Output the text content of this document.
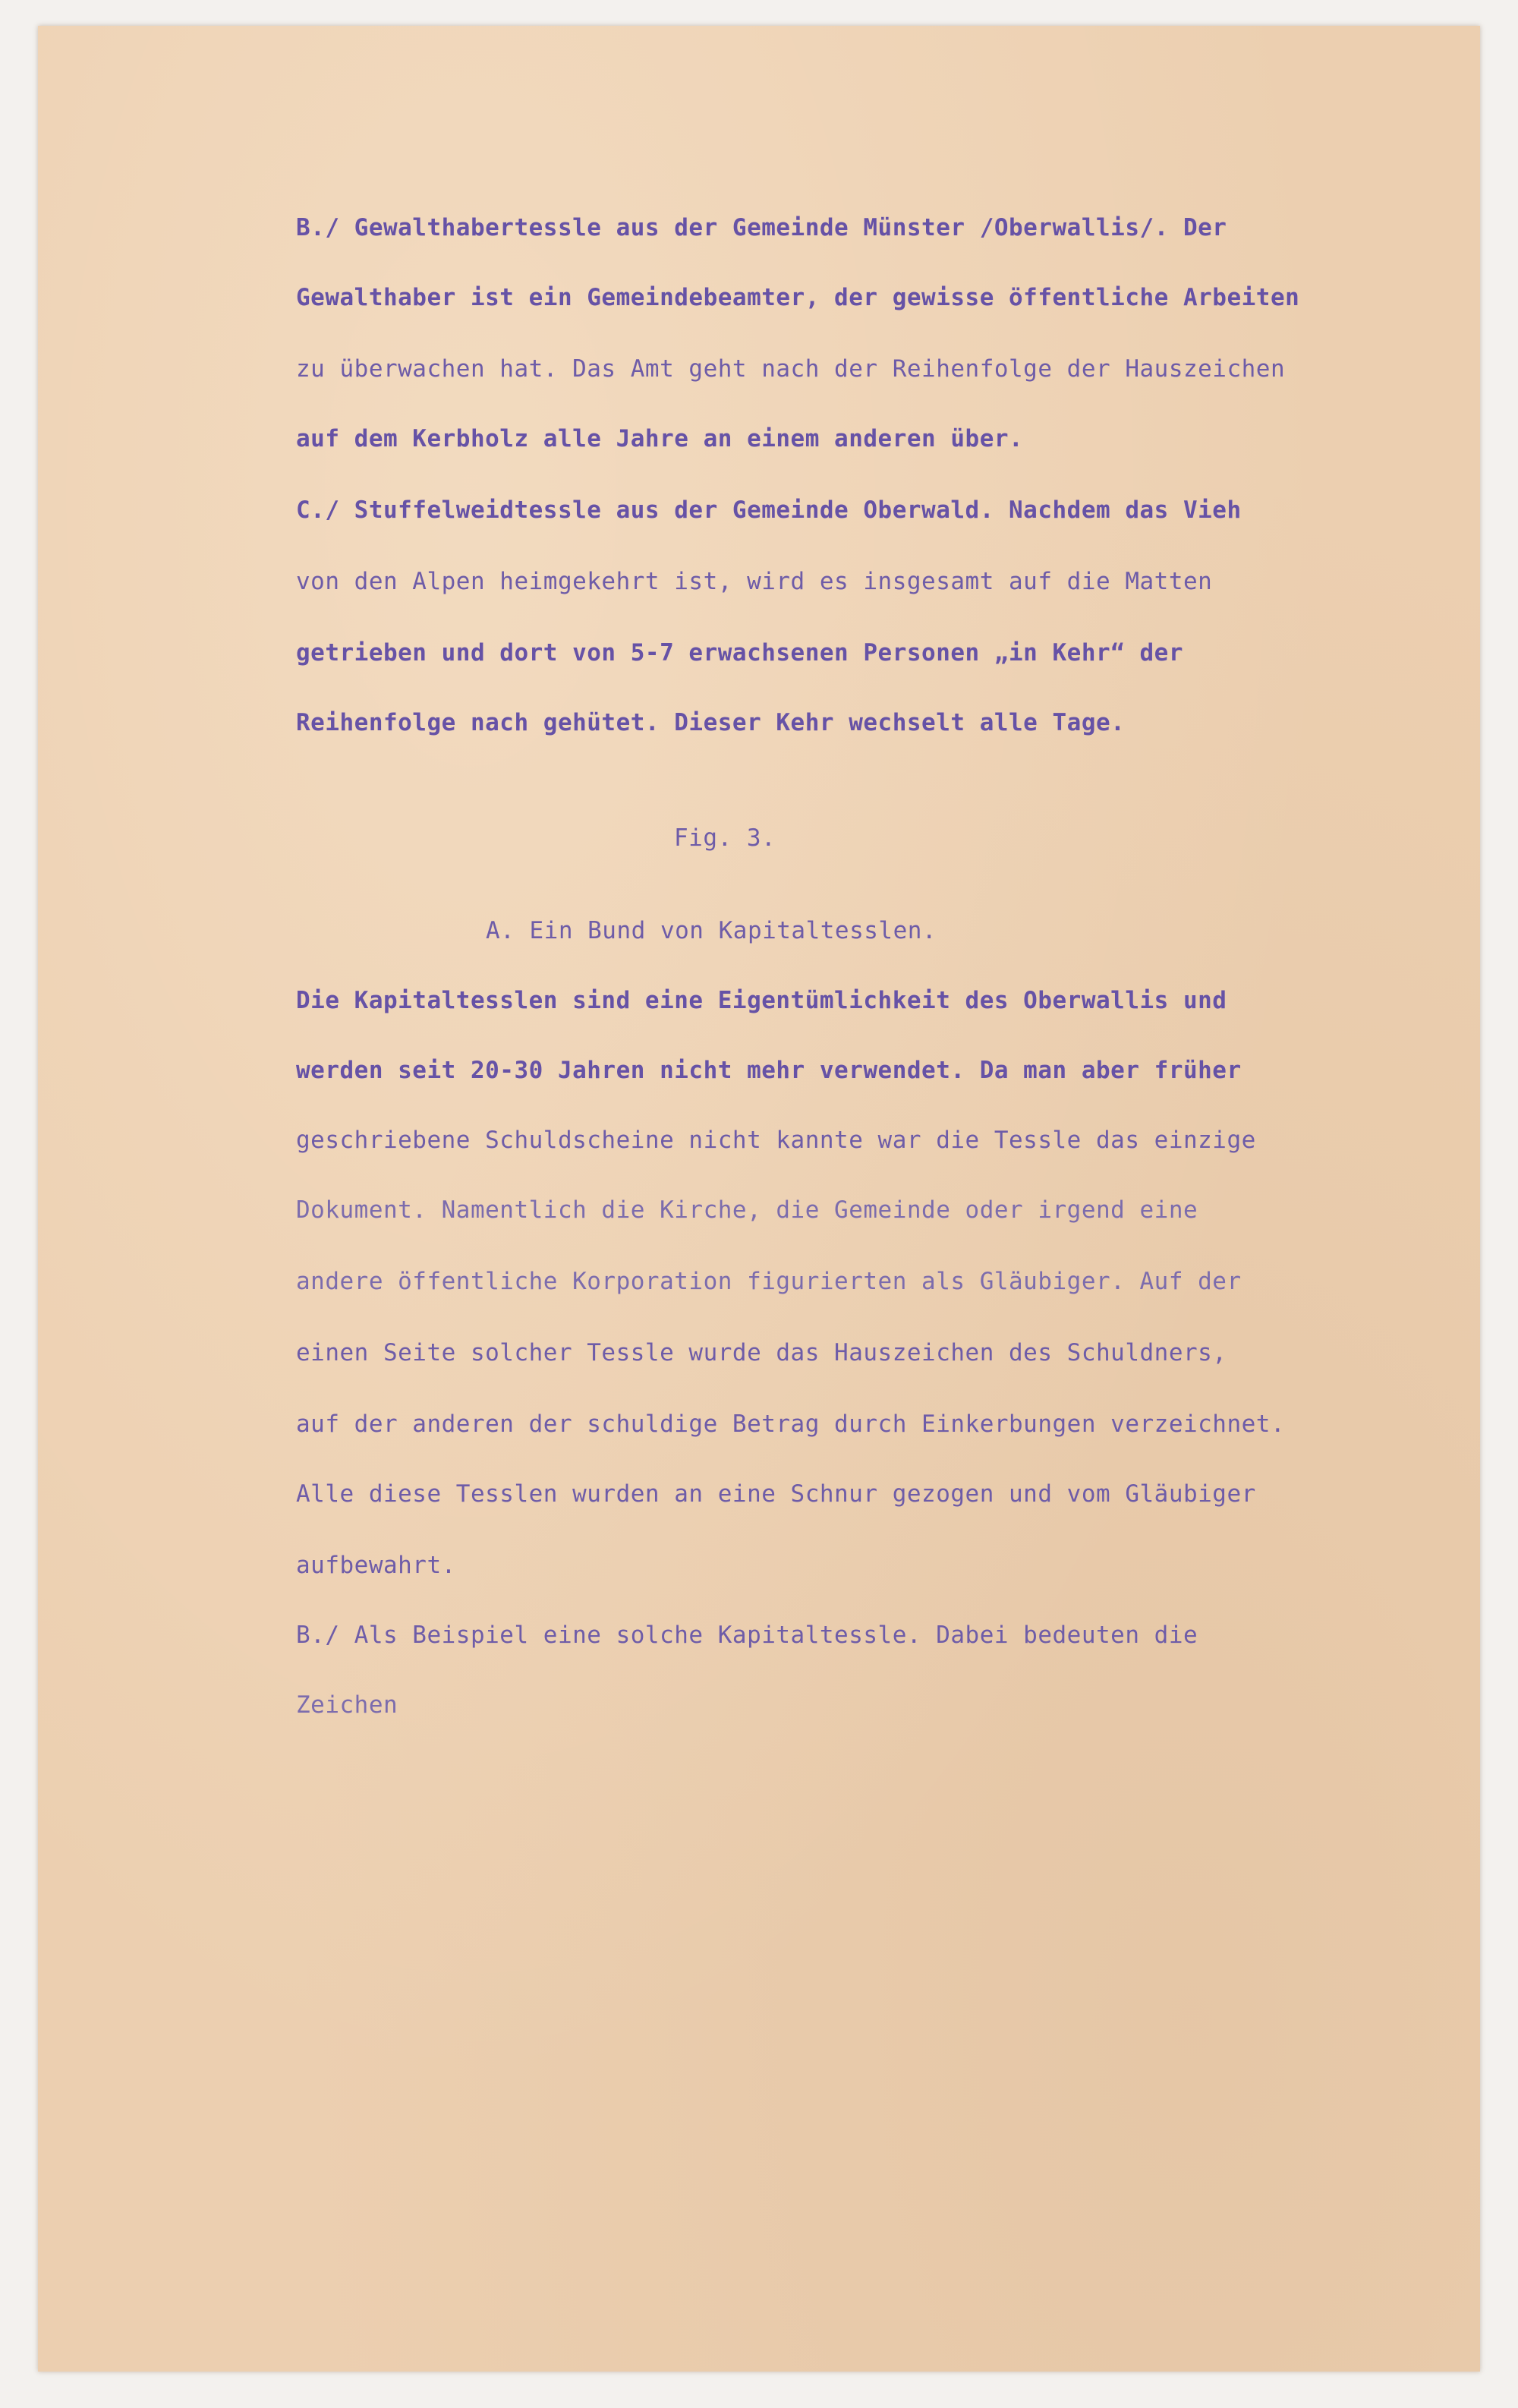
B./ Gewalthabertessle aus der Gemeinde Münster /Oberwallis/. Der

Gewalthaber ist ein Gemeindebeamter, der gewisse öffentliche Arbeiten

zu überwachen hat. Das Amt geht nach der Reihenfolge der Hauszeichen

auf dem Kerbholz alle Jahre an einem anderen über.

C./ Stuffelweidtessle aus der Gemeinde Oberwald. Nachdem das Vieh

von den Alpen heimgekehrt ist, wird es insgesamt auf die Matten

getrieben und dort von 5-7 erwachsenen Personen „in Kehr“ der

Reihenfolge nach gehütet. Dieser Kehr wechselt alle Tage.

Fig. 3.

A. Ein Bund von Kapitaltesslen.

Die Kapitaltesslen sind eine Eigentümlichkeit des Oberwallis und

werden seit 20-30 Jahren nicht mehr verwendet. Da man aber früher

geschriebene Schuldscheine nicht kannte war die Tessle das einzige

Dokument. Namentlich die Kirche, die Gemeinde oder irgend eine

andere öffentliche Korporation figurierten als Gläubiger. Auf der

einen Seite solcher Tessle wurde das Hauszeichen des Schuldners,

auf der anderen der schuldige Betrag durch Einkerbungen verzeichnet.

Alle diese Tesslen wurden an eine Schnur gezogen und vom Gläubiger

aufbewahrt.

B./ Als Beispiel eine solche Kapitaltessle. Dabei bedeuten die

Zeichen
